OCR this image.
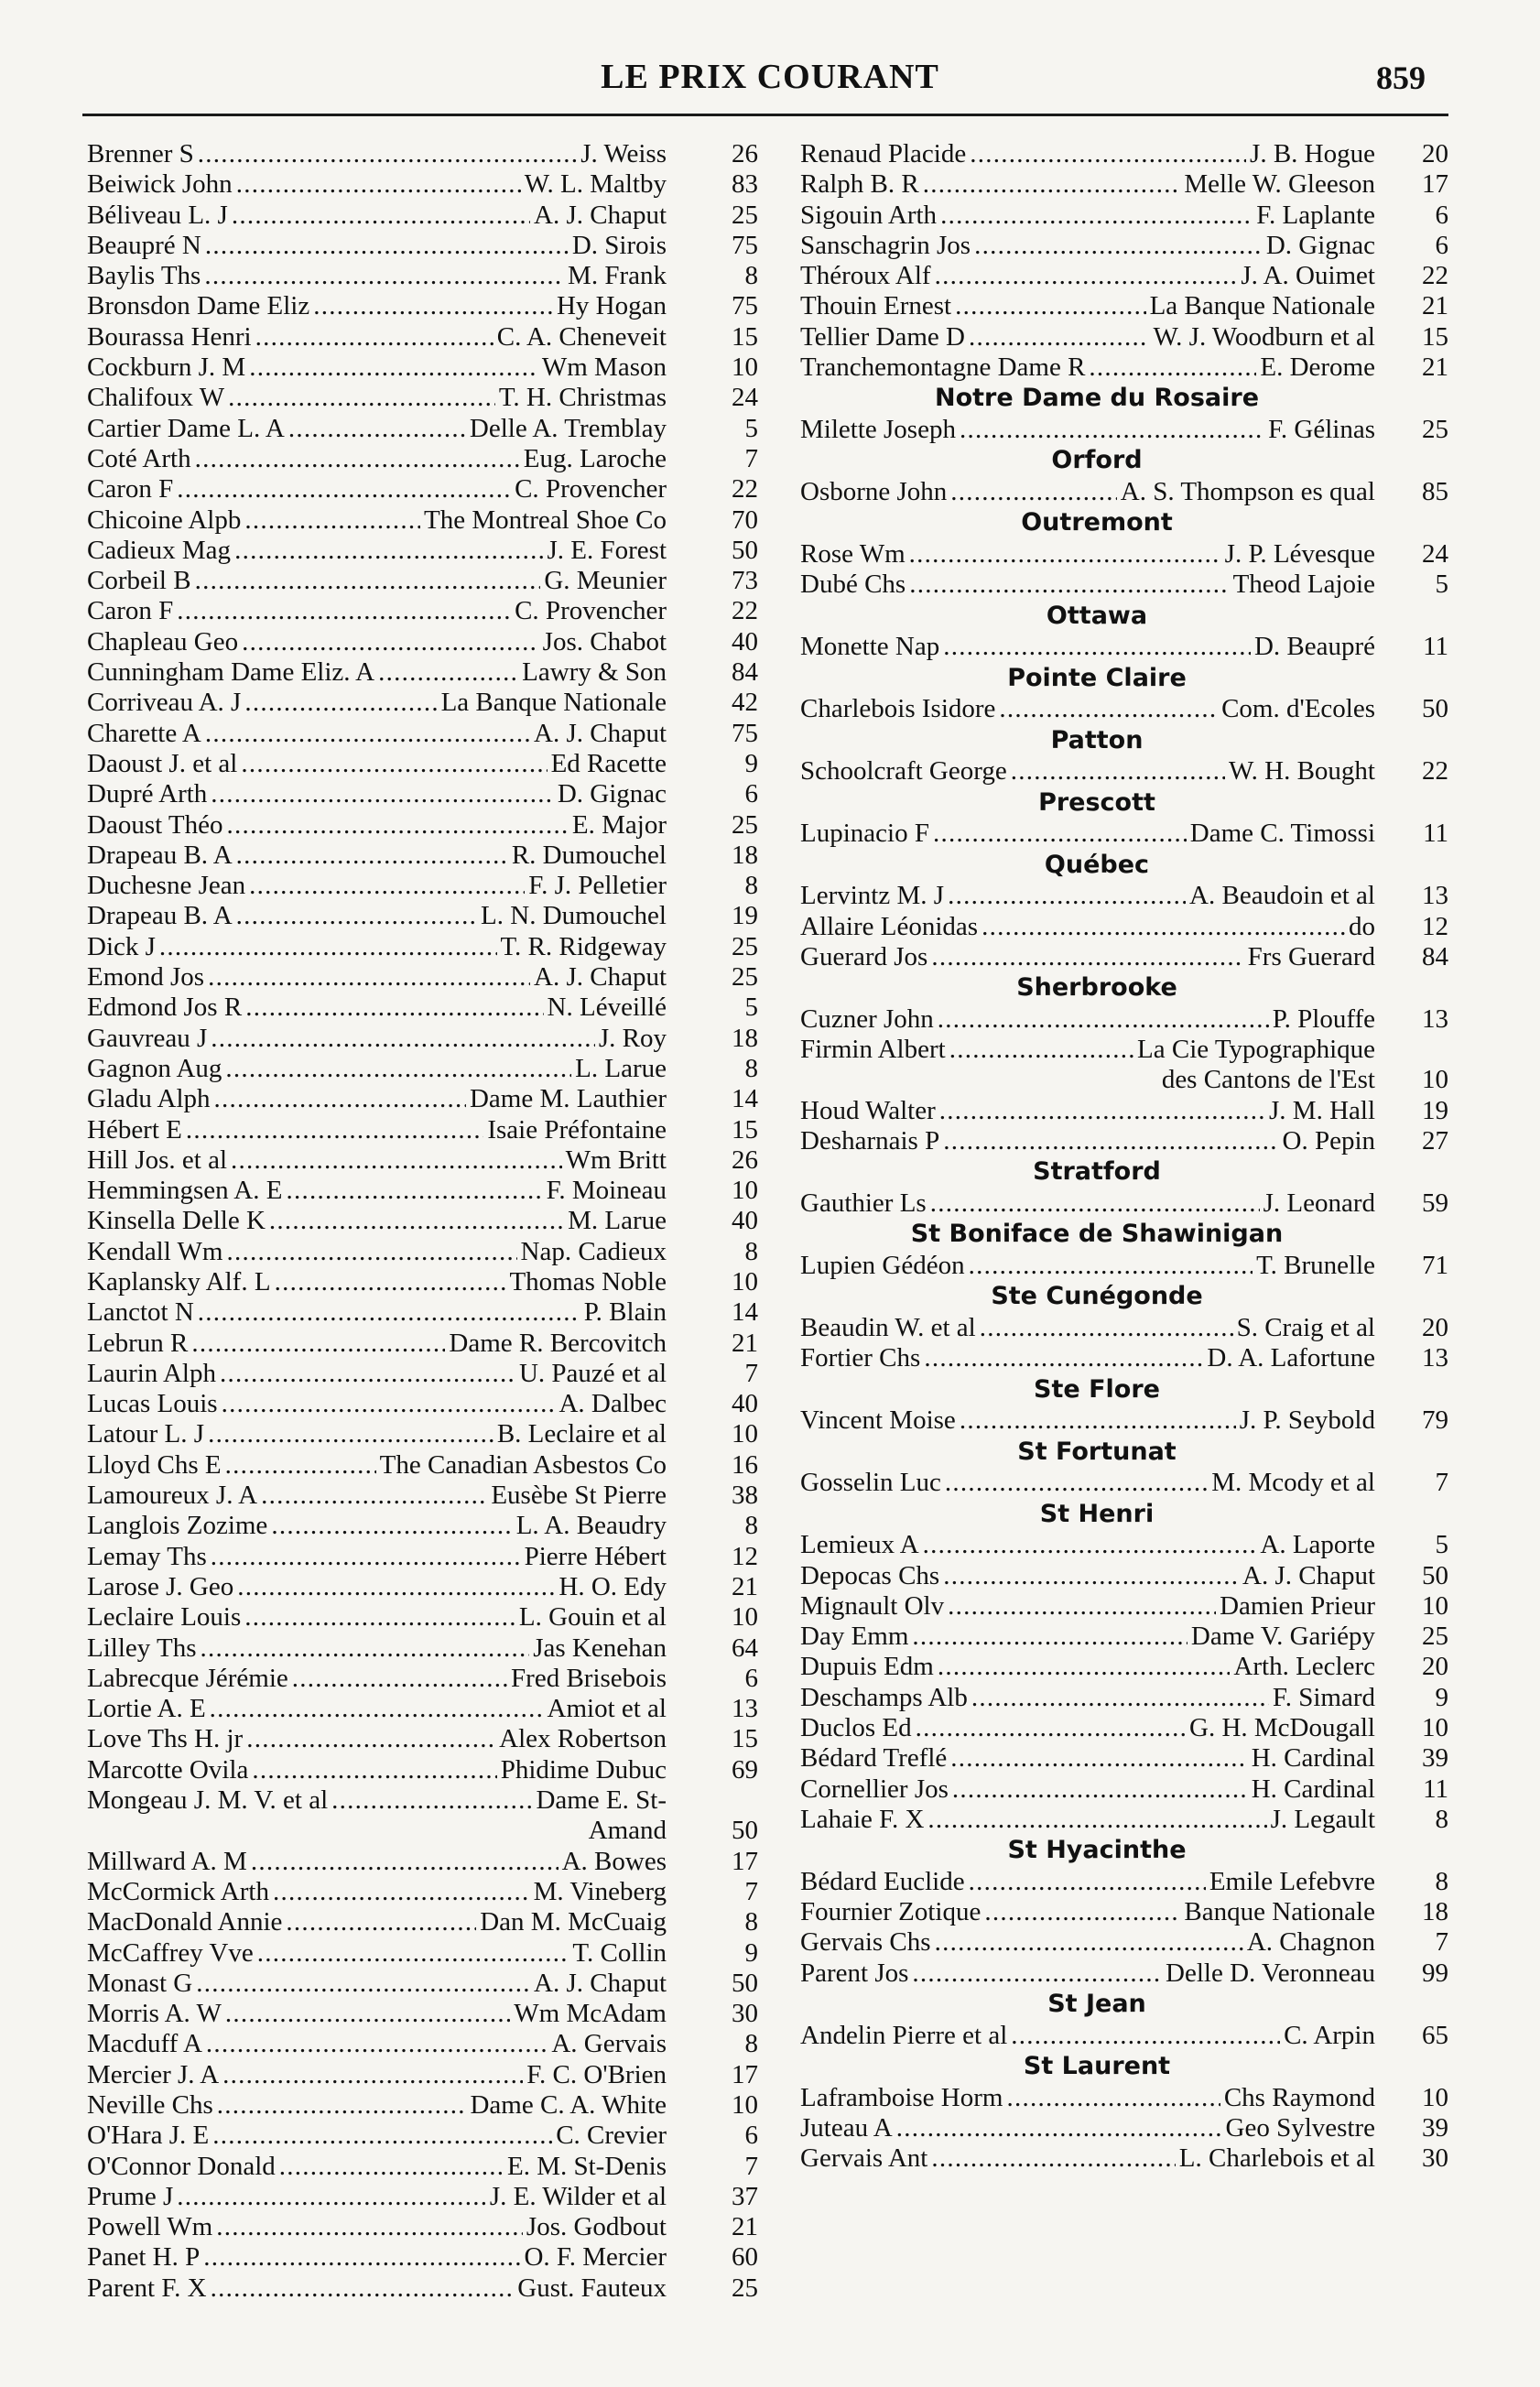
LE PRIX COURANT	859
Brenner S . . .	J. Weiss	26
Beiwick John . . .	W. L. Maltby	83
Béliveau L. J . . .	A. J. Chaput	25
Beaupré N . . .	D. Sirois	75
Baylis Ths . . .	M. Frank	8
Bronsdon Dame Eliz . . .	Hy Hogan	75
Bourassa Henri . . .	C. A. Cheneveit	15
Cockburn J. M . . .	Wm Mason	10
Chalifoux W . . .	T. H. Christmas	24
Cartier Dame L. A . . .	Delle A. Tremblay	5
Coté Arth . . .	Eug. Laroche	7
Caron F . . .	C. Provencher	22
Chicoine Alpb . . .	The Montreal Shoe Co	70
Cadieux Mag . . .	J. E. Forest	50
Corbeil B . . .	G. Meunier	73
Caron F . . .	C. Provencher	22
Chapleau Geo . . .	Jos. Chabot	40
Cunningham Dame Eliz. A . . .	Lawry & Son	84
Corriveau A. J . . .	La Banque Nationale	42
Charette A . . .	A. J. Chaput	75
Daoust J. et al . . .	Ed Racette	9
Dupré Arth . . .	D. Gignac	6
Daoust Théo . . .	E. Major	25
Drapeau B. A . . .	R. Dumouchel	18
Duchesne Jean . . .	F. J. Pelletier	8
Drapeau B. A . . .	L. N. Dumouchel	19
Dick J . . .	T. R. Ridgeway	25
Emond Jos . . .	A. J. Chaput	25
Edmond Jos R . . .	N. Léveillé	5
Gauvreau J . . .	J. Roy	18
Gagnon Aug . . .	L. Larue	8
Gladu Alph . . .	Dame M. Lauthier	14
Hébert E . . .	Isaie Préfontaine	15
Hill Jos. et al . . .	Wm Britt	26
Hemmingsen A. E . . .	F. Moineau	10
Kinsella Delle K . . .	M. Larue	40
Kendall Wm . . .	Nap. Cadieux	8
Kaplansky Alf. L . . .	Thomas Noble	10
Lanctot N . . .	P. Blain	14
Lebrun R . . .	Dame R. Bercovitch	21
Laurin Alph . . .	U. Pauzé et al	7
Lucas Louis . . .	A. Dalbec	40
Latour L. J . . .	B. Leclaire et al	10
Lloyd Chs E . . .	The Canadian Asbestos Co	16
Lamoureux J. A . . .	Eusèbe St Pierre	38
Langlois Zozime . . .	L. A. Beaudry	8
Lemay Ths . . .	Pierre Hébert	12
Larose J. Geo . . .	H. O. Edy	21
Leclaire Louis . . .	L. Gouin et al	10
Lilley Ths . . .	Jas Kenehan	64
Labrecque Jérémie . . .	Fred Brisebois	6
Lortie A. E . . .	Amiot et al	13
Love Ths H. jr . . .	Alex Robertson	15
Marcotte Ovila . . .	Phidime Dubuc	69
Mongeau J. M. V. et al . . .	Dame E. St-
Amand	50
Millward A. M . . .	A. Bowes	17
McCormick Arth . . .	M. Vineberg	7
MacDonald Annie . . .	Dan M. McCuaig	8
McCaffrey Vve . . .	T. Collin	9
Monast G . . .	A. J. Chaput	50
Morris A. W . . .	Wm McAdam	30
Macduff A . . .	A. Gervais	8
Mercier J. A . . .	F. C. O'Brien	17
Neville Chs . . .	Dame C. A. White	10
O'Hara J. E . . .	C. Crevier	6
O'Connor Donald . . .	E. M. St-Denis	7
Prume J . . .	J. E. Wilder et al	37
Powell Wm . . .	Jos. Godbout	21
Panet H. P . . .	O. F. Mercier	60
Parent F. X . . .	Gust. Fauteux	25
Renaud Placide . . .	J. B. Hogue	20
Ralph B. R . . .	Melle W. Gleeson	17
Sigouin Arth . . .	F. Laplante	6
Sanschagrin Jos . . .	D. Gignac	6
Théroux Alf . . .	J. A. Ouimet	22
Thouin Ernest . . .	La Banque Nationale	21
Tellier Dame D . . .	W. J. Woodburn et al	15
Tranchemontagne Dame R . . .	E. Derome	21
Notre Dame du Rosaire
Milette Joseph . . .	F. Gélinas	25
Orford
Osborne John . . .	A. S. Thompson es qual	85
Outremont
Rose Wm . . .	J. P. Lévesque	24
Dubé Chs . . .	Theod Lajoie	5
Ottawa
Monette Nap . . .	D. Beaupré	11
Pointe Claire
Charlebois Isidore . . .	Com. d'Ecoles	50
Patton
Schoolcraft George . . .	W. H. Bought	22
Prescott
Lupinacio F . . .	Dame C. Timossi	11
Québec
Lervintz M. J . . .	A. Beaudoin et al	13
Allaire Léonidas . . .	do	12
Guerard Jos . . .	Frs Guerard	84
Sherbrooke
Cuzner John . . .	P. Plouffe	13
Firmin Albert . . .	La Cie Typographique
des Cantons de l'Est	10
Houd Walter . . .	J. M. Hall	19
Desharnais P . . .	O. Pepin	27
Stratford
Gauthier Ls . . .	J. Leonard	59
St Boniface de Shawinigan
Lupien Gédéon . . .	T. Brunelle	71
Ste Cunégonde
Beaudin W. et al . . .	S. Craig et al	20
Fortier Chs . . .	D. A. Lafortune	13
Ste Flore
Vincent Moise . . .	J. P. Seybold	79
St Fortunat
Gosselin Luc . . .	M. Mcody et al	7
St Henri
Lemieux A . . .	A. Laporte	5
Depocas Chs . . .	A. J. Chaput	50
Mignault Olv . . .	Damien Prieur	10
Day Emm . . .	Dame V. Gariépy	25
Dupuis Edm . . .	Arth. Leclerc	20
Deschamps Alb . . .	F. Simard	9
Duclos Ed . . .	G. H. McDougall	10
Bédard Treflé . . .	H. Cardinal	39
Cornellier Jos . . .	H. Cardinal	11
Lahaie F. X . . .	J. Legault	8
St Hyacinthe
Bédard Euclide . . .	Emile Lefebvre	8
Fournier Zotique . . .	Banque Nationale	18
Gervais Chs . . .	A. Chagnon	7
Parent Jos . . .	Delle D. Veronneau	99
St Jean
Andelin Pierre et al . . .	C. Arpin	65
St Laurent
Laframboise Horm . . .	Chs Raymond	10
Juteau A . . .	Geo Sylvestre	39
Gervais Ant . . .	L. Charlebois et al	30
